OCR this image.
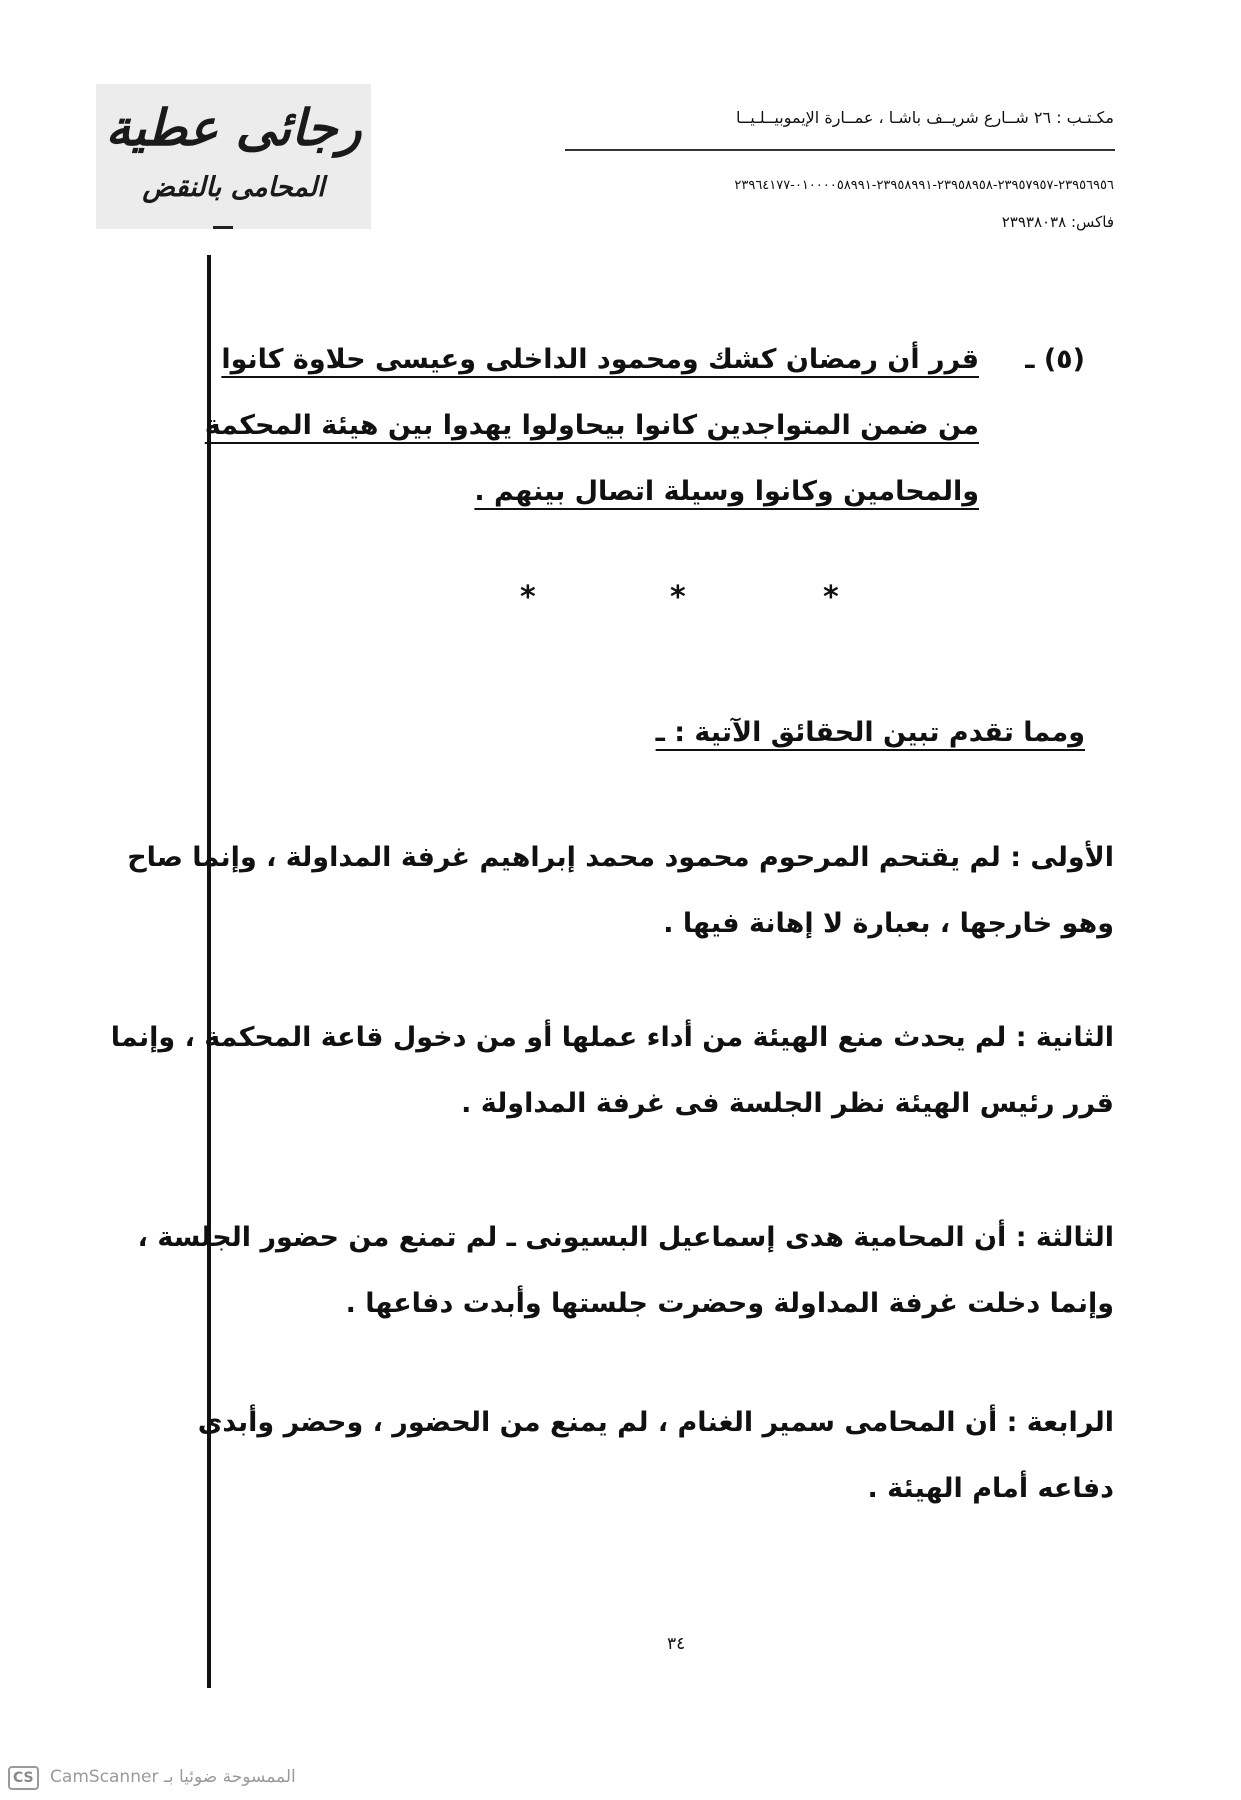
رجائى عطية
المحامى بالنقض
مكـتـب : ٢٦ شــارع شريــف باشـا ، عمــارة الإيموبيــلـيــا
٢٣٩٥٦٩٥٦-٢٣٩٥٧٩٥٧-٢٣٩٥٨٩٥٨-٢٣٩٥٨٩٩١-٠١٠٠٠٠٥٨٩٩١-٢٣٩٦٤١٧٧
فاكس: ٢٣٩٣٨٠٣٨
(٥) ـ
قرر أن رمضان كشك ومحمود الداخلى وعيسى حلاوة كانوا
من ضمن المتواجدين كانوا بيحاولوا يهدوا بين هيئة المحكمة
والمحامين وكانوا وسيلة اتصال بينهم .
*	*	*
ومما تقدم تبين الحقائق الآتية : ـ
الأولى : لم يقتحم المرحوم محمود محمد إبراهيم غرفة المداولة ، وإنما صاح
وهو خارجها ، بعبارة لا إهانة فيها .
الثانية : لم يحدث منع الهيئة من أداء عملها أو من دخول قاعة المحكمة ، وإنما
قرر رئيس الهيئة نظر الجلسة فى غرفة المداولة .
الثالثة : أن المحامية هدى إسماعيل البسيونى ـ لم تمنع من حضور الجلسة ،
وإنما دخلت غرفة المداولة وحضرت جلستها وأبدت دفاعها .
الرابعة : أن المحامى سمير الغنام ، لم يمنع من الحضور ، وحضر وأبدى
دفاعه أمام الهيئة .
٣٤
CS CamScanner الممسوحة ضوئيا بـ
